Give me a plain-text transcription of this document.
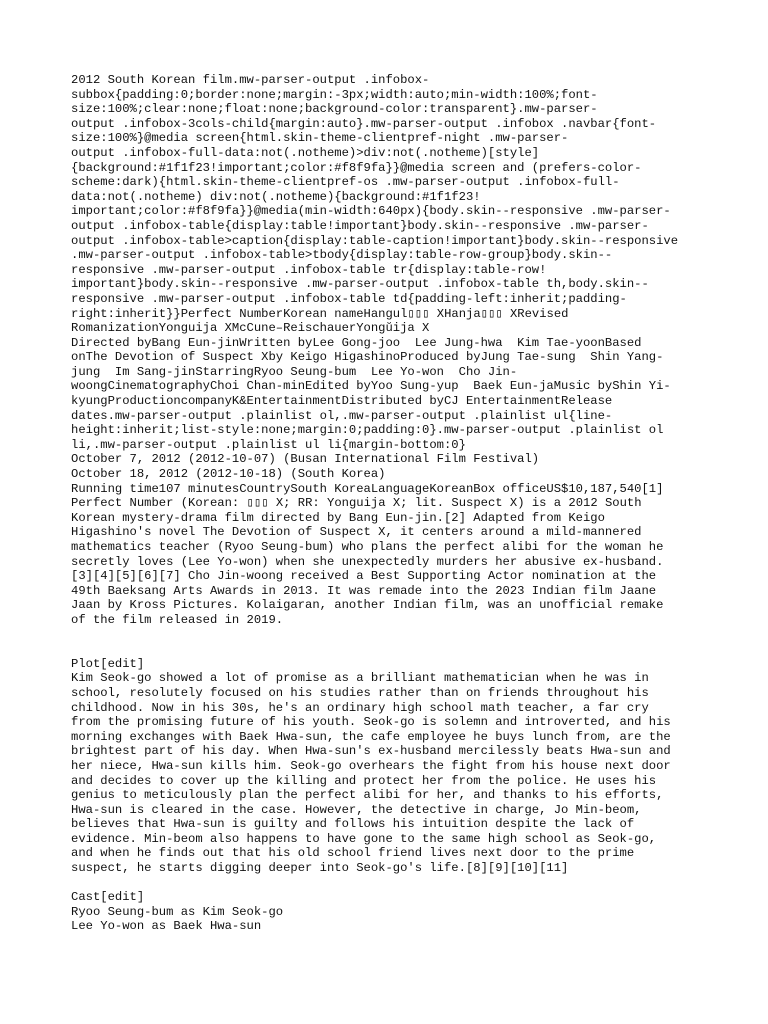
2012 South Korean film.mw-parser-output .infobox-
subbox{padding:0;border:none;margin:-3px;width:auto;min-width:100%;font-
size:100%;clear:none;float:none;background-color:transparent}.mw-parser-
output .infobox-3cols-child{margin:auto}.mw-parser-output .infobox .navbar{font-
size:100%}@media screen{html.skin-theme-clientpref-night .mw-parser-
output .infobox-full-data:not(.notheme)>div:not(.notheme)[style]
{background:#1f1f23!important;color:#f8f9fa}}@media screen and (prefers-color-
scheme:dark){html.skin-theme-clientpref-os .mw-parser-output .infobox-full-
data:not(.notheme) div:not(.notheme){background:#1f1f23!
important;color:#f8f9fa}}@media(min-width:640px){body.skin--responsive .mw-parser-
output .infobox-table{display:table!important}body.skin--responsive .mw-parser-
output .infobox-table>caption{display:table-caption!important}body.skin--responsive
.mw-parser-output .infobox-table>tbody{display:table-row-group}body.skin--
responsive .mw-parser-output .infobox-table tr{display:table-row!
important}body.skin--responsive .mw-parser-output .infobox-table th,body.skin--
responsive .mw-parser-output .infobox-table td{padding-left:inherit;padding-
right:inherit}}Perfect NumberKorean nameHangul▯▯▯ XHanja▯▯▯ XRevised
RomanizationYonguija XMcCune–ReischauerYongŭija X
Directed byBang Eun-jinWritten byLee Gong-joo  Lee Jung-hwa  Kim Tae-yoonBased
onThe Devotion of Suspect Xby Keigo HigashinoProduced byJung Tae-sung  Shin Yang-
jung  Im Sang-jinStarringRyoo Seung-bum  Lee Yo-won  Cho Jin-
woongCinematographyChoi Chan-minEdited byYoo Sung-yup  Baek Eun-jaMusic byShin Yi-
kyungProductioncompanyK&EntertainmentDistributed byCJ EntertainmentRelease
dates.mw-parser-output .plainlist ol,.mw-parser-output .plainlist ul{line-
height:inherit;list-style:none;margin:0;padding:0}.mw-parser-output .plainlist ol
li,.mw-parser-output .plainlist ul li{margin-bottom:0}
October 7, 2012 (2012-10-07) (Busan International Film Festival)
October 18, 2012 (2012-10-18) (South Korea)
Running time107 minutesCountrySouth KoreaLanguageKoreanBox officeUS$10,187,540[1]
Perfect Number (Korean: ▯▯▯ X; RR: Yonguija X; lit. Suspect X) is a 2012 South
Korean mystery-drama film directed by Bang Eun-jin.[2] Adapted from Keigo
Higashino's novel The Devotion of Suspect X, it centers around a mild-mannered
mathematics teacher (Ryoo Seung-bum) who plans the perfect alibi for the woman he
secretly loves (Lee Yo-won) when she unexpectedly murders her abusive ex-husband.
[3][4][5][6][7] Cho Jin-woong received a Best Supporting Actor nomination at the
49th Baeksang Arts Awards in 2013. It was remade into the 2023 Indian film Jaane
Jaan by Kross Pictures. Kolaigaran, another Indian film, was an unofficial remake
of the film released in 2019.
Plot[edit]
Kim Seok-go showed a lot of promise as a brilliant mathematician when he was in
school, resolutely focused on his studies rather than on friends throughout his
childhood. Now in his 30s, he's an ordinary high school math teacher, a far cry
from the promising future of his youth. Seok-go is solemn and introverted, and his
morning exchanges with Baek Hwa-sun, the cafe employee he buys lunch from, are the
brightest part of his day. When Hwa-sun's ex-husband mercilessly beats Hwa-sun and
her niece, Hwa-sun kills him. Seok-go overhears the fight from his house next door
and decides to cover up the killing and protect her from the police. He uses his
genius to meticulously plan the perfect alibi for her, and thanks to his efforts,
Hwa-sun is cleared in the case. However, the detective in charge, Jo Min-beom,
believes that Hwa-sun is guilty and follows his intuition despite the lack of
evidence. Min-beom also happens to have gone to the same high school as Seok-go,
and when he finds out that his old school friend lives next door to the prime
suspect, he starts digging deeper into Seok-go's life.[8][9][10][11]
Cast[edit]
Ryoo Seung-bum as Kim Seok-go
Lee Yo-won as Baek Hwa-sun
